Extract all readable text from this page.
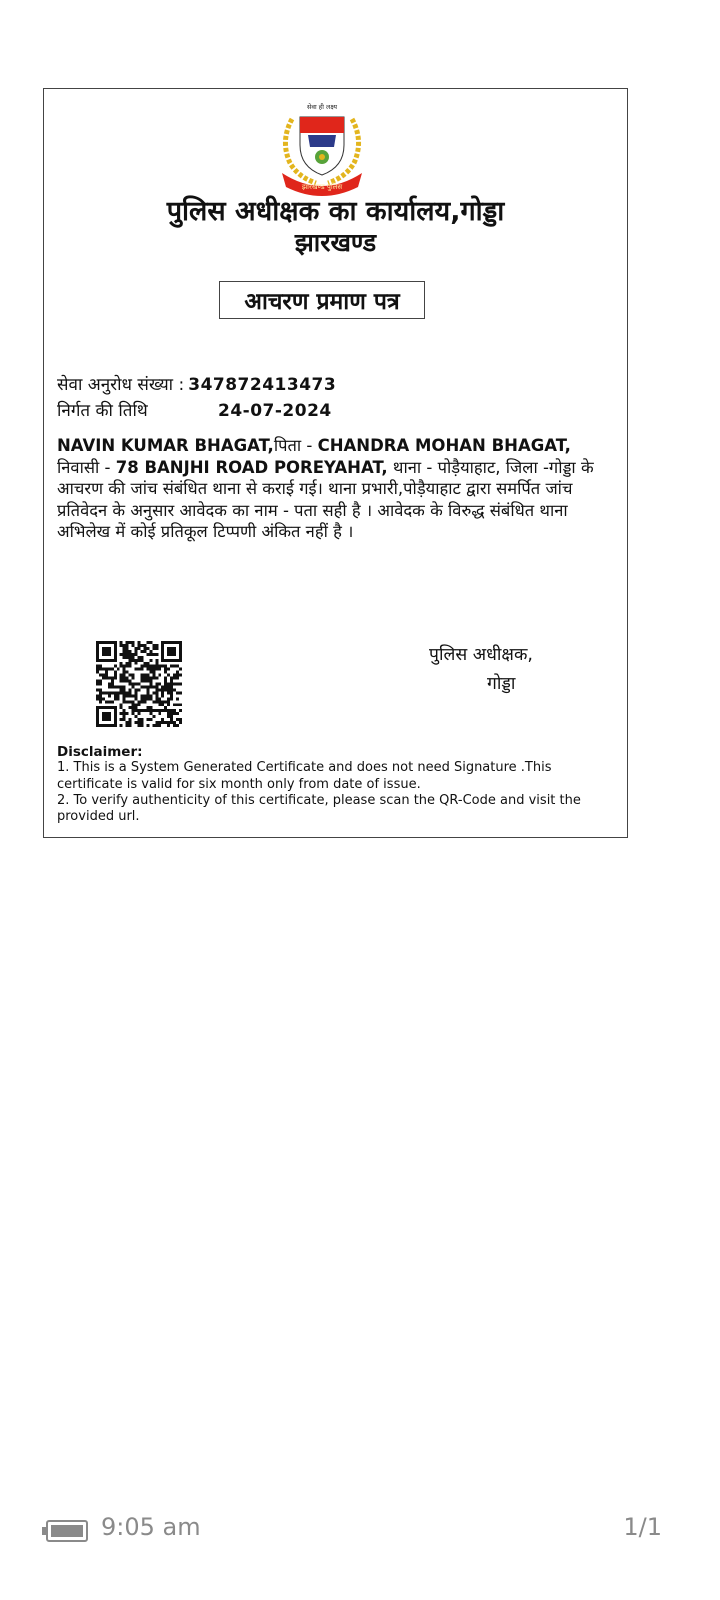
सेवा ही लक्ष्य
झारखण्ड पुलिस
पुलिस अधीक्षक का कार्यालय,गोड्डा
झारखण्ड
आचरण प्रमाण पत्र
सेवा अनुरोध संख्या : 347872413473
निर्गत की तिथि	24-07-2024
NAVIN KUMAR BHAGAT,पिता - CHANDRA MOHAN BHAGAT, निवासी - 78 BANJHI ROAD POREYAHAT, थाना - पोड़ैयाहाट, जिला -गोड्डा के आचरण की जांच संबंधित थाना से कराई गई। थाना प्रभारी,पोड़ैयाहाट द्वारा समर्पित जांच प्रतिवेदन के अनुसार आवेदक का नाम - पता सही है । आवेदक के विरुद्ध संबंधित थाना अभिलेख में कोई प्रतिकूल टिप्पणी अंकित नहीं है ।
पुलिस अधीक्षक,
गोड्डा
Disclaimer:
1. This is a System Generated Certificate and does not need Signature .This certificate is valid for six month only from date of issue.
2. To verify authenticity of this certificate, please scan the QR-Code and visit the provided url.
9:05 am	1/1
